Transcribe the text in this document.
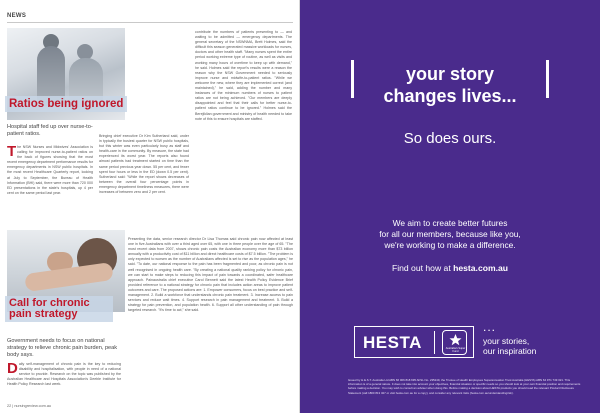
NEWS
Ratios being ignored
Hospital staff fed up over nurse-to-patient ratios.
The NSW Nurses and Midwives' Association is calling for improved nurse-to-patient ratios on the back of figures showing that the most recent emergency department performance results for emergency departments in NSW public hospitals. In the most recent Healthcare Quarterly report, looking at July to September, the Bureau of Health Information (BHI) said, there were more than 720 000 ED presentations in the state's hospitals, up 4 per cent on the same period last year.
Bringing chief executive Dr Kim Sutherland said, under in typically the busiest quarter for NSW public hospitals, but this winter was even particularly busy as staff and health-care in the community. By measure, the state had experienced its worst year. The reports also found almost patients had treatment started on time than the same period previous year down. 55 per cent, and fewer spent four hours or less in the ED (down 0.5 per cent). Sutherland said: "While the report shows decreases of between the overall four percentage points in emergency department timeliness measures, there were increases of between zero and 2 per cent.
contribute the numbers of patients presenting to — and waiting to be admitted — emergency departments. The general secretary of the NSWNMA, Brett Holmes, said the difficult this season generated massive workloads for nurses, doctors and other health staff. "Many nurses spent the entire period working extreme type of routine, as well as visits and working many hours of overtime to keep up with demand," he said. Holmes said the report's results were a reason the reason why the NSW Government needed to seriously improve nurse and midwife-to-patient ratios. "While we welcome the new, where they are implemented correct (and maintained)," he said, adding the number and many instances of the minimum numbers of nurses to patient ratios are not being achieved. "Our members are deeply disappointed and feel that their calls for better nurse-to-patient ratios continue to be ignored." Holmes said the Berejiklian government and ministry of health needed to take note of this to ensure hospitals are staffed.
Call for chronic pain strategy
Government needs to focus on national strategy to relieve chronic pain burden, peak body says.
Daily self-management of chronic pain is the key to reducing disability and hospitalisation, with people in need of a national service to provide. Research on the topic was published by the Australian Healthcare and Hospitals Association's Deeble Institute for Health Policy Research last week.
Presenting the data, senior research director Dr Lisa Thomas said chronic pain now affected at least one in five Australians with over a third aged over 65, with one in three people over the age of 65. "The most recent data from 2007, shows chronic pain costs the Australian economy more than $73 billion annually with a productivity cost of $11 billion and direct healthcare costs of $7.5 billion. "The problem is only expected to worsen as the number of Australians affected is set to rise as the population ages," he said. "To date, our national response to the pain has been fragmented and poor, as chronic pain is not well recognised in ongoing health care. "By creating a national quality ranking policy for chronic pain, we can start to make steps to reducing this impact of pain towards a coordinated, safer healthcare approach. Painaustralia chief executive Carol Bennett said the latest Health Policy Evidence Brief provided reference to a national strategy for chronic pain that includes action areas to improve patient outcomes and care. The proposed actions are: 1. Empower consumers, focus on best practice and self-management. 2. Build a workforce that understands chronic pain treatment. 3. Increase access to pain services and reduce wait times. 4. Support research in pain management and treatment. 5. Build a strategy for pain prevention, and population health. 6. Support all other understanding of pain through targeted research. "It's time to act," she said.
22 | nursingreview.com.au
your story
changes lives...
So does ours.
We aim to create better futures
for all our members, because like you,
we're working to make a difference.
Find out how at hesta.com.au
HESTA	Australia's Super Fund
...
your stories,
our inspiration
Issued by H.E.S.T. Australia Ltd ABN 66 006 818 695 AFSL No. 235249, the Trustee of Health Employees Superannuation Trust Australia (HESTA) ABN 64 971 749 321. This information is of a general nature. It does not take into account your objectives, financial situation or specific needs so you should look at your own financial position and requirements before making a decision. You may wish to consult an adviser when doing this. Before making a decision about HESTA products you should read the relevant Product Disclosure Statement (call 1800 813 327 or visit hesta.com.au for a copy), and consider any relevant risks (hesta.com.au/understandingrisk).
